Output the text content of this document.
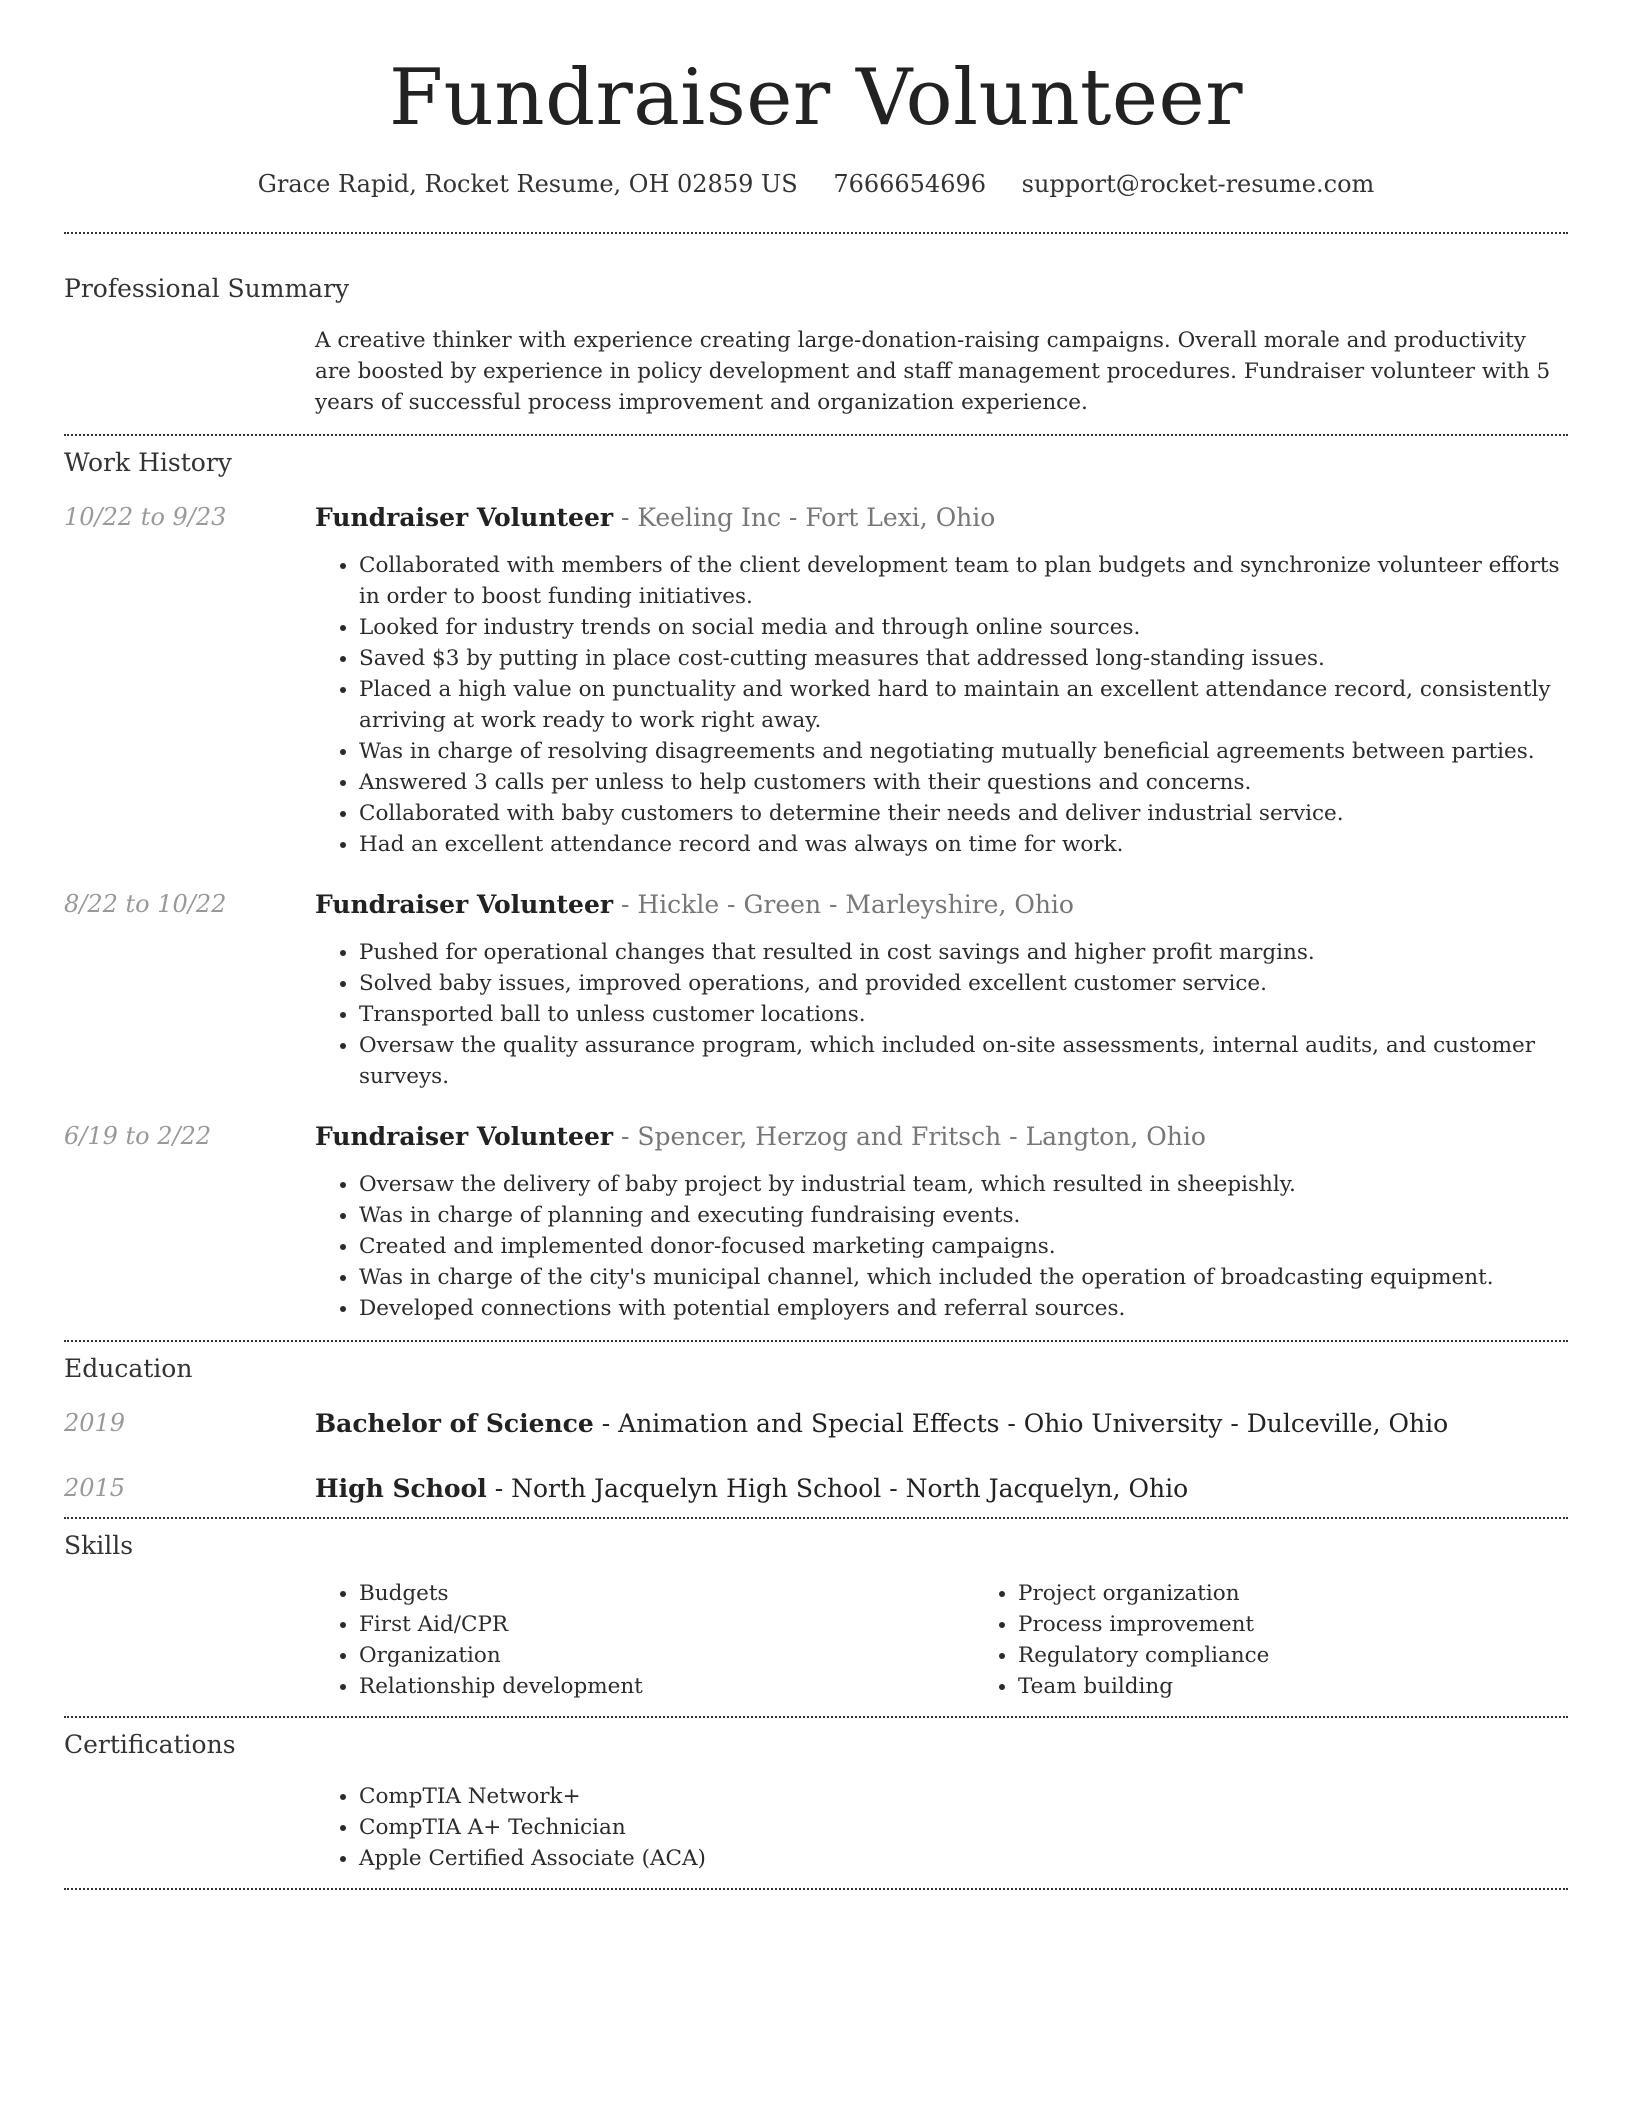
Fundraiser Volunteer
Grace Rapid, Rocket Resume, OH 02859 US 7666654696 support@rocket-resume.com
Professional Summary
A creative thinker with experience creating large-donation-raising campaigns. Overall morale and productivity are boosted by experience in policy development and staff management procedures. Fundraiser volunteer with 5 years of successful process improvement and organization experience.
Work History
10/22 to 9/23	Fundraiser Volunteer - Keeling Inc - Fort Lexi, Ohio
• Collaborated with members of the client development team to plan budgets and synchronize volunteer efforts in order to boost funding initiatives.
• Looked for industry trends on social media and through online sources.
• Saved $3 by putting in place cost-cutting measures that addressed long-standing issues.
• Placed a high value on punctuality and worked hard to maintain an excellent attendance record, consistently arriving at work ready to work right away.
• Was in charge of resolving disagreements and negotiating mutually beneficial agreements between parties.
• Answered 3 calls per unless to help customers with their questions and concerns.
• Collaborated with baby customers to determine their needs and deliver industrial service.
• Had an excellent attendance record and was always on time for work.
8/22 to 10/22	Fundraiser Volunteer - Hickle - Green - Marleyshire, Ohio
• Pushed for operational changes that resulted in cost savings and higher profit margins.
• Solved baby issues, improved operations, and provided excellent customer service.
• Transported ball to unless customer locations.
• Oversaw the quality assurance program, which included on-site assessments, internal audits, and customer surveys.
6/19 to 2/22	Fundraiser Volunteer - Spencer, Herzog and Fritsch - Langton, Ohio
• Oversaw the delivery of baby project by industrial team, which resulted in sheepishly.
• Was in charge of planning and executing fundraising events.
• Created and implemented donor-focused marketing campaigns.
• Was in charge of the city's municipal channel, which included the operation of broadcasting equipment.
• Developed connections with potential employers and referral sources.
Education
2019	Bachelor of Science - Animation and Special Effects - Ohio University - Dulceville, Ohio
2015	High School - North Jacquelyn High School - North Jacquelyn, Ohio
Skills
• Budgets
• First Aid/CPR
• Organization
• Relationship development
• Project organization
• Process improvement
• Regulatory compliance
• Team building
Certifications
• CompTIA Network+
• CompTIA A+ Technician
• Apple Certified Associate (ACA)
